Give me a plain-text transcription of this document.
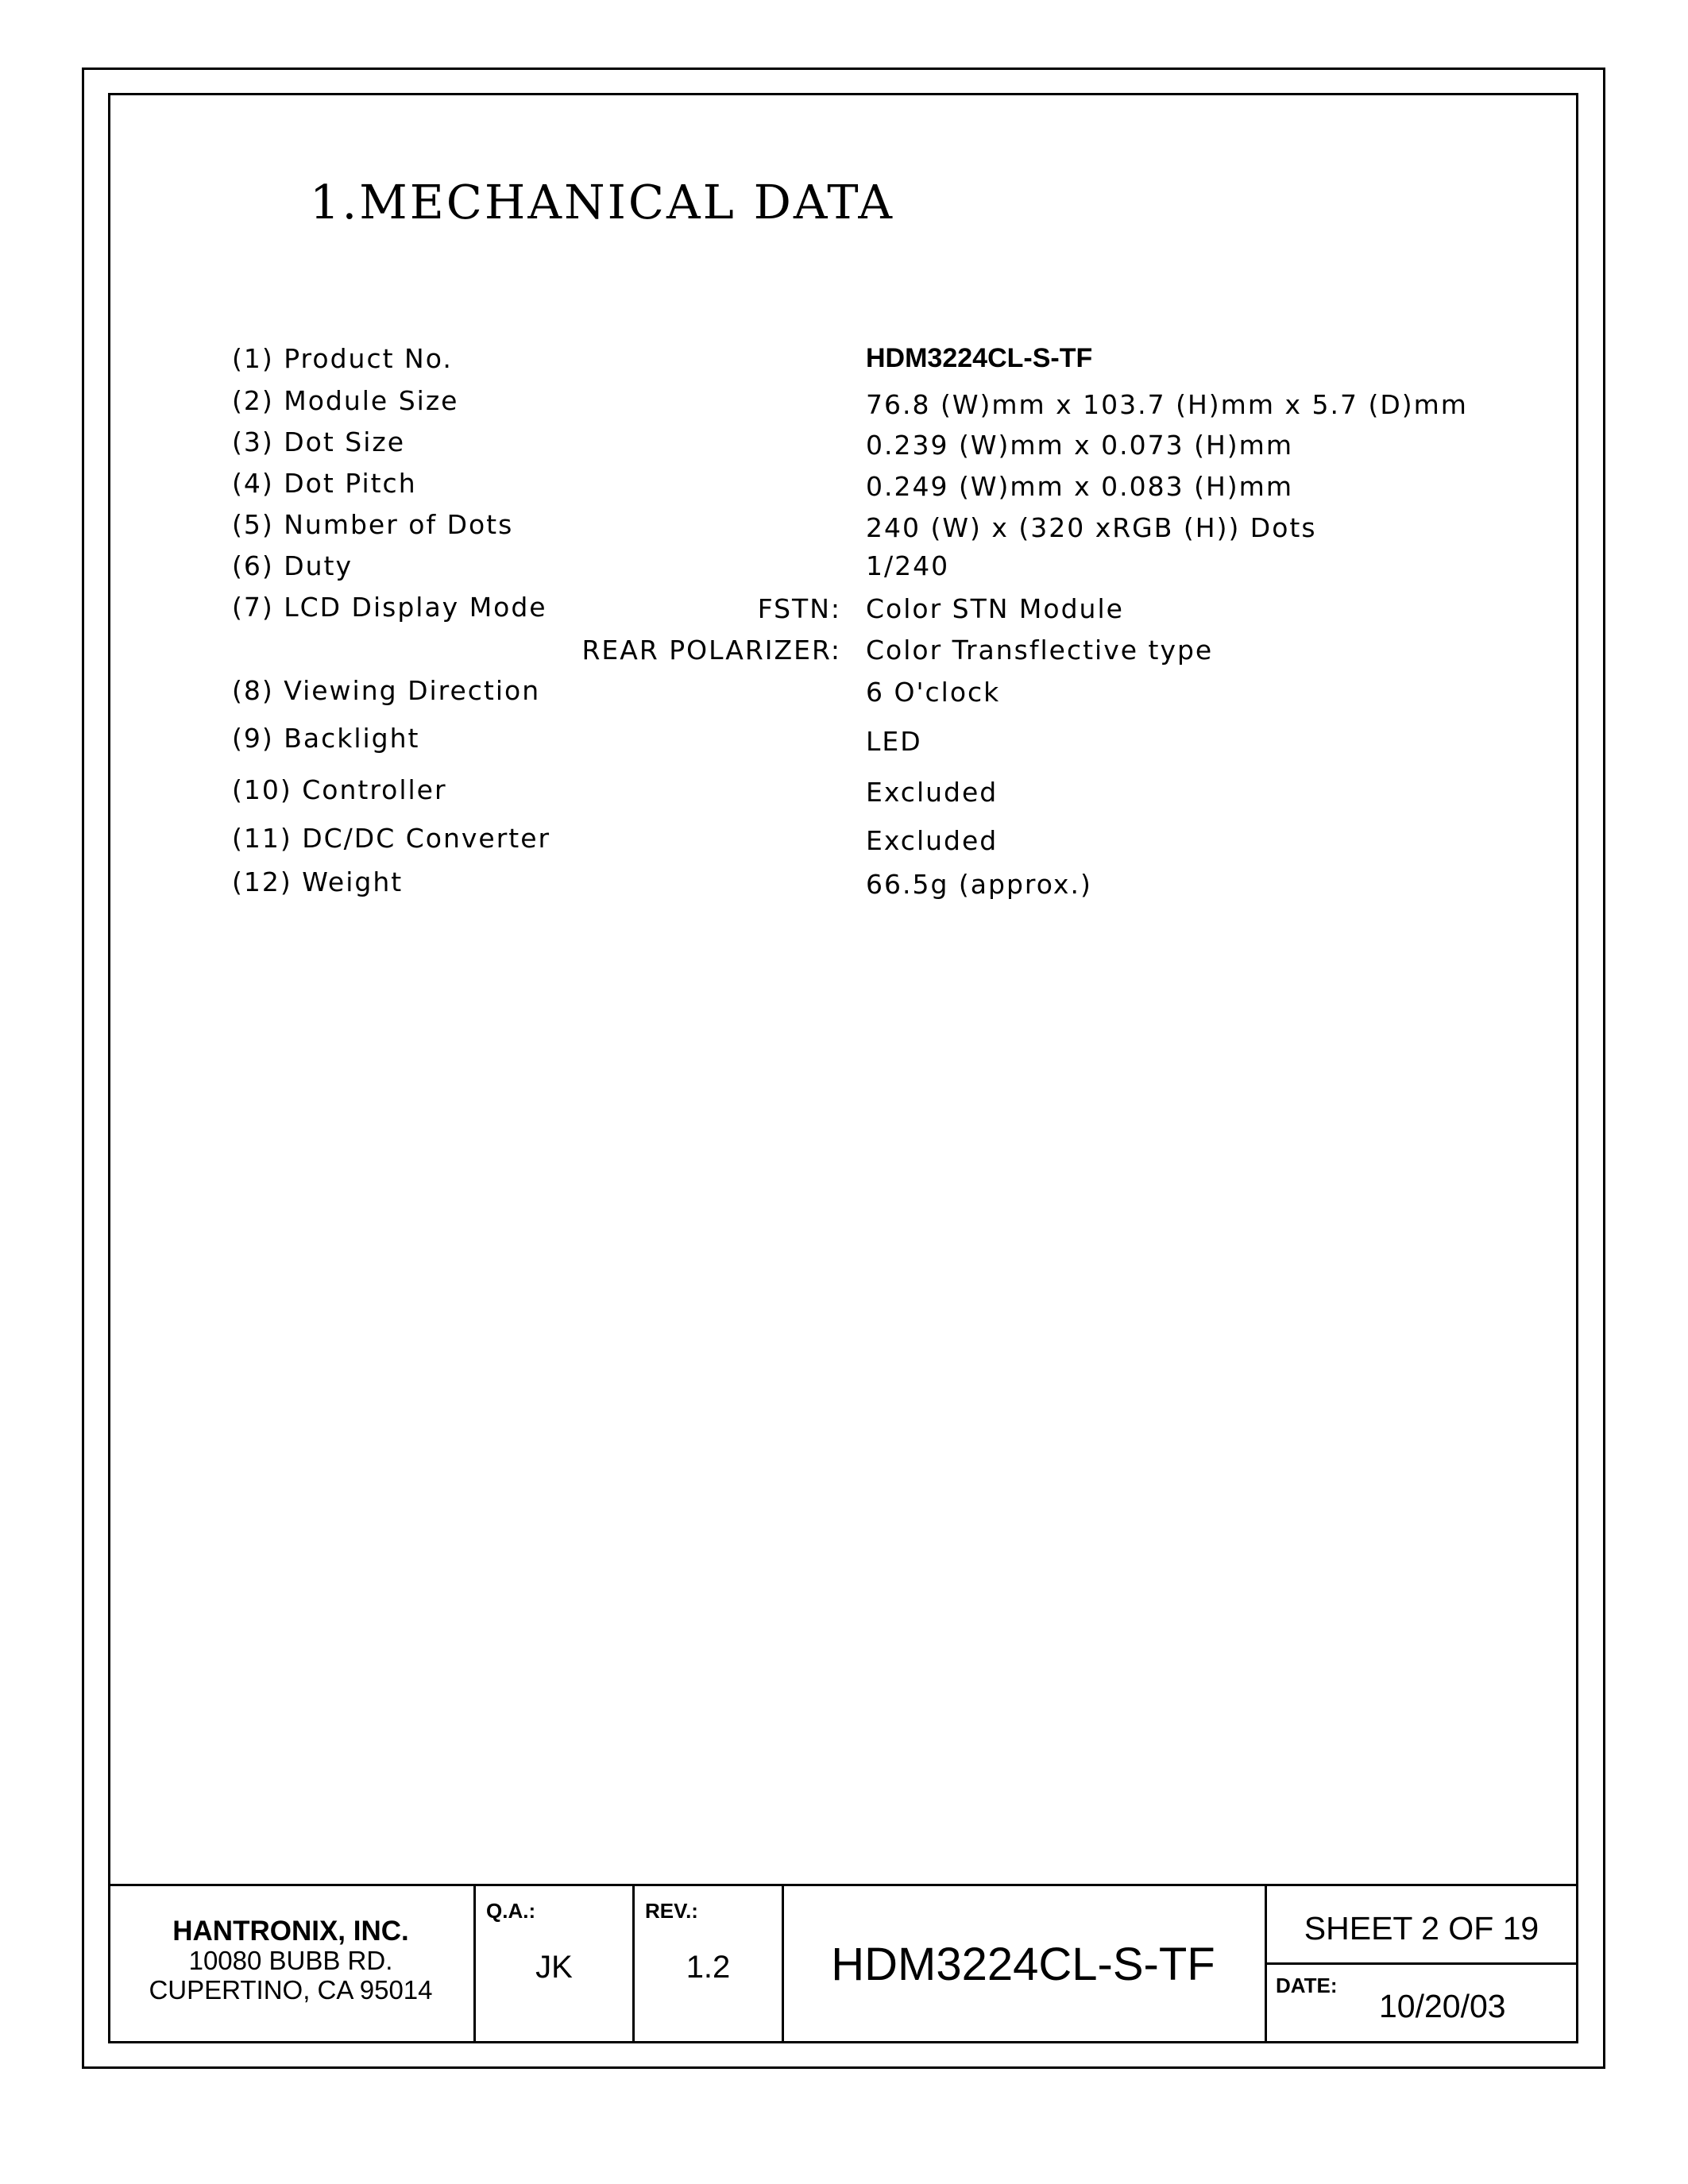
1.MECHANICAL DATA
(1) Product No.	HDM3224CL-S-TF
(2) Module Size	76.8 (W)mm x 103.7 (H)mm x 5.7 (D)mm
(3) Dot Size	0.239 (W)mm x 0.073 (H)mm
(4) Dot Pitch	0.249 (W)mm x 0.083 (H)mm
(5) Number of Dots	240 (W) x (320 xRGB (H)) Dots
(6) Duty	1/240
(7) LCD Display Mode	FSTN: Color STN Module
REAR POLARIZER: Color Transflective type
(8) Viewing Direction	6 O'clock
(9) Backlight	LED
(10) Controller	Excluded
(11) DC/DC Converter	Excluded
(12) Weight	66.5g (approx.)
HANTRONIX, INC.
10080 BUBB RD.
CUPERTINO, CA 95014
Q.A.:
JK
REV.:
1.2	HDM3224CL-S-TF
SHEET 2 OF 19
DATE:
10/20/03
